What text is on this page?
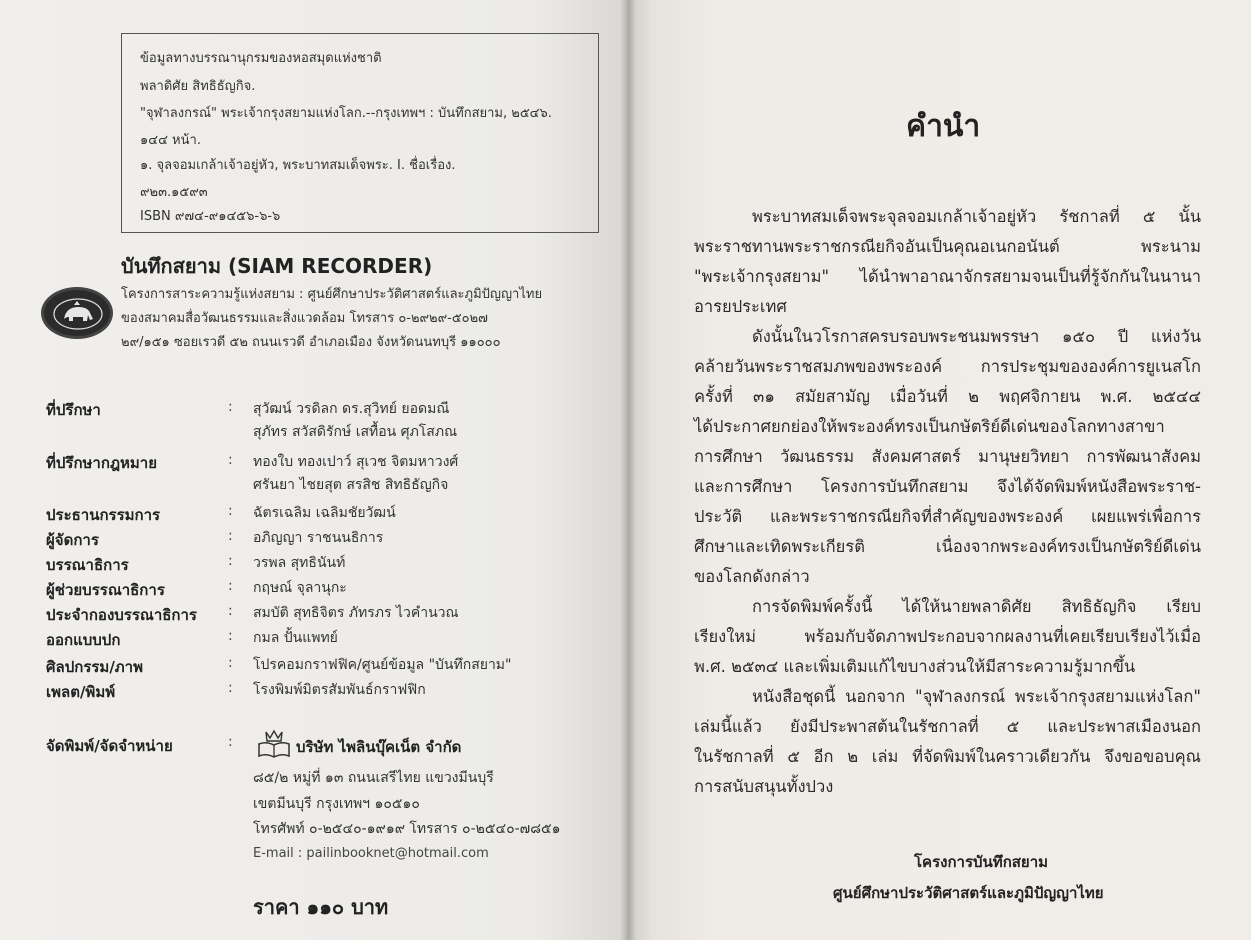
ข้อมูลทางบรรณานุกรมของหอสมุดแห่งชาติ
พลาดิศัย สิทธิธัญกิจ.
"จุฬาลงกรณ์" พระเจ้ากรุงสยามแห่งโลก.--กรุงเทพฯ : บันทึกสยาม, ๒๕๔๖.
๑๔๔ หน้า.
๑. จุลจอมเกล้าเจ้าอยู่หัว, พระบาทสมเด็จพระ. I. ชื่อเรื่อง.
๙๒๓.๑๕๙๓
ISBN ๙๗๔-๙๑๔๕๖-๖-๖
บันทึกสยาม (SIAM RECORDER)
โครงการสาระความรู้แห่งสยาม : ศูนย์ศึกษาประวัติศาสตร์และภูมิปัญญาไทย
ของสมาคมสื่อวัฒนธรรมและสิ่งแวดล้อม โทรสาร ๐-๒๙๒๙-๕๐๒๗
๒๙/๑๕๑ ซอยเรวดี ๕๒ ถนนเรวดี อำเภอเมือง จังหวัดนนทบุรี ๑๑๐๐๐
ที่ปรึกษา	: สุวัฒน์ วรดิลก ดร.สุวิทย์ ยอดมณี
สุภัทร สวัสดิรักษ์ เสทื้อน ศุภโสภณ
ที่ปรึกษากฎหมาย	: ทองใบ ทองเปาว์ สุเวช จิตมหาวงศ์
ศรันยา ไชยสุต สรสิช สิทธิธัญกิจ
ประธานกรรมการ	: ฉัตรเฉลิม เฉลิมชัยวัฒน์
ผู้จัดการ	: อภิญญา ราชนนธิการ
บรรณาธิการ	: วรพล สุทธินันท์
ผู้ช่วยบรรณาธิการ	: กฤษณ์ จุลานุกะ
ประจำกองบรรณาธิการ : สมบัติ สุทธิจิตร ภัทรภร ไวคำนวณ
ออกแบบปก	: กมล ปั้นแพทย์
ศิลปกรรม/ภาพ	: โปรคอมกราฟฟิค/ศูนย์ข้อมูล "บันทึกสยาม"
เพลต/พิมพ์	: โรงพิมพ์มิตรสัมพันธ์กราฟฟิก
จัดพิมพ์/จัดจำหน่าย	:	บริษัท ไพลินบุ๊คเน็ต จำกัด
๘๕/๒ หมู่ที่ ๑๓ ถนนเสรีไทย แขวงมีนบุรี
เขตมีนบุรี กรุงเทพฯ ๑๐๕๑๐
โทรศัพท์ ๐-๒๕๔๐-๑๙๑๙ โทรสาร ๐-๒๕๔๐-๗๘๕๑
E-mail : pailinbooknet@hotmail.com
ราคา ๑๑๐ บาท
คำนำ
พระบาทสมเด็จพระจุลจอมเกล้าเจ้าอยู่หัว รัชกาลที่ ๕ นั้น
พระราชทานพระราชกรณียกิจอันเป็นคุณอเนกอนันต์ พระนาม
"พระเจ้ากรุงสยาม" ได้นำพาอาณาจักรสยามจนเป็นที่รู้จักกันในนานา
อารยประเทศ
ดังนั้นในวโรกาสครบรอบพระชนมพรรษา ๑๕๐ ปี แห่งวัน
คล้ายวันพระราชสมภพของพระองค์ การประชุมขององค์การยูเนสโก
ครั้งที่ ๓๑ สมัยสามัญ เมื่อวันที่ ๒ พฤศจิกายน พ.ศ. ๒๕๔๔
ได้ประกาศยกย่องให้พระองค์ทรงเป็นกษัตริย์ดีเด่นของโลกทางสาขา
การศึกษา วัฒนธรรม สังคมศาสตร์ มานุษยวิทยา การพัฒนาสังคม
และการศึกษา โครงการบันทึกสยาม จึงได้จัดพิมพ์หนังสือพระราช-
ประวัติ และพระราชกรณียกิจที่สำคัญของพระองค์ เผยแพร่เพื่อการ
ศึกษาและเทิดพระเกียรติ เนื่องจากพระองค์ทรงเป็นกษัตริย์ดีเด่น
ของโลกดังกล่าว
การจัดพิมพ์ครั้งนี้ ได้ให้นายพลาดิศัย สิทธิธัญกิจ เรียบ
เรียงใหม่ พร้อมกับจัดภาพประกอบจากผลงานที่เคยเรียบเรียงไว้เมื่อ
พ.ศ. ๒๕๓๔ และเพิ่มเติมแก้ไขบางส่วนให้มีสาระความรู้มากขึ้น
หนังสือชุดนี้ นอกจาก "จุฬาลงกรณ์ พระเจ้ากรุงสยามแห่งโลก"
เล่มนี้แล้ว ยังมีประพาสต้นในรัชกาลที่ ๕ และประพาสเมืองนอก
ในรัชกาลที่ ๕ อีก ๒ เล่ม ที่จัดพิมพ์ในคราวเดียวกัน จึงขอขอบคุณ
การสนับสนุนทั้งปวง
โครงการบันทึกสยาม
ศูนย์ศึกษาประวัติศาสตร์และภูมิปัญญาไทย
